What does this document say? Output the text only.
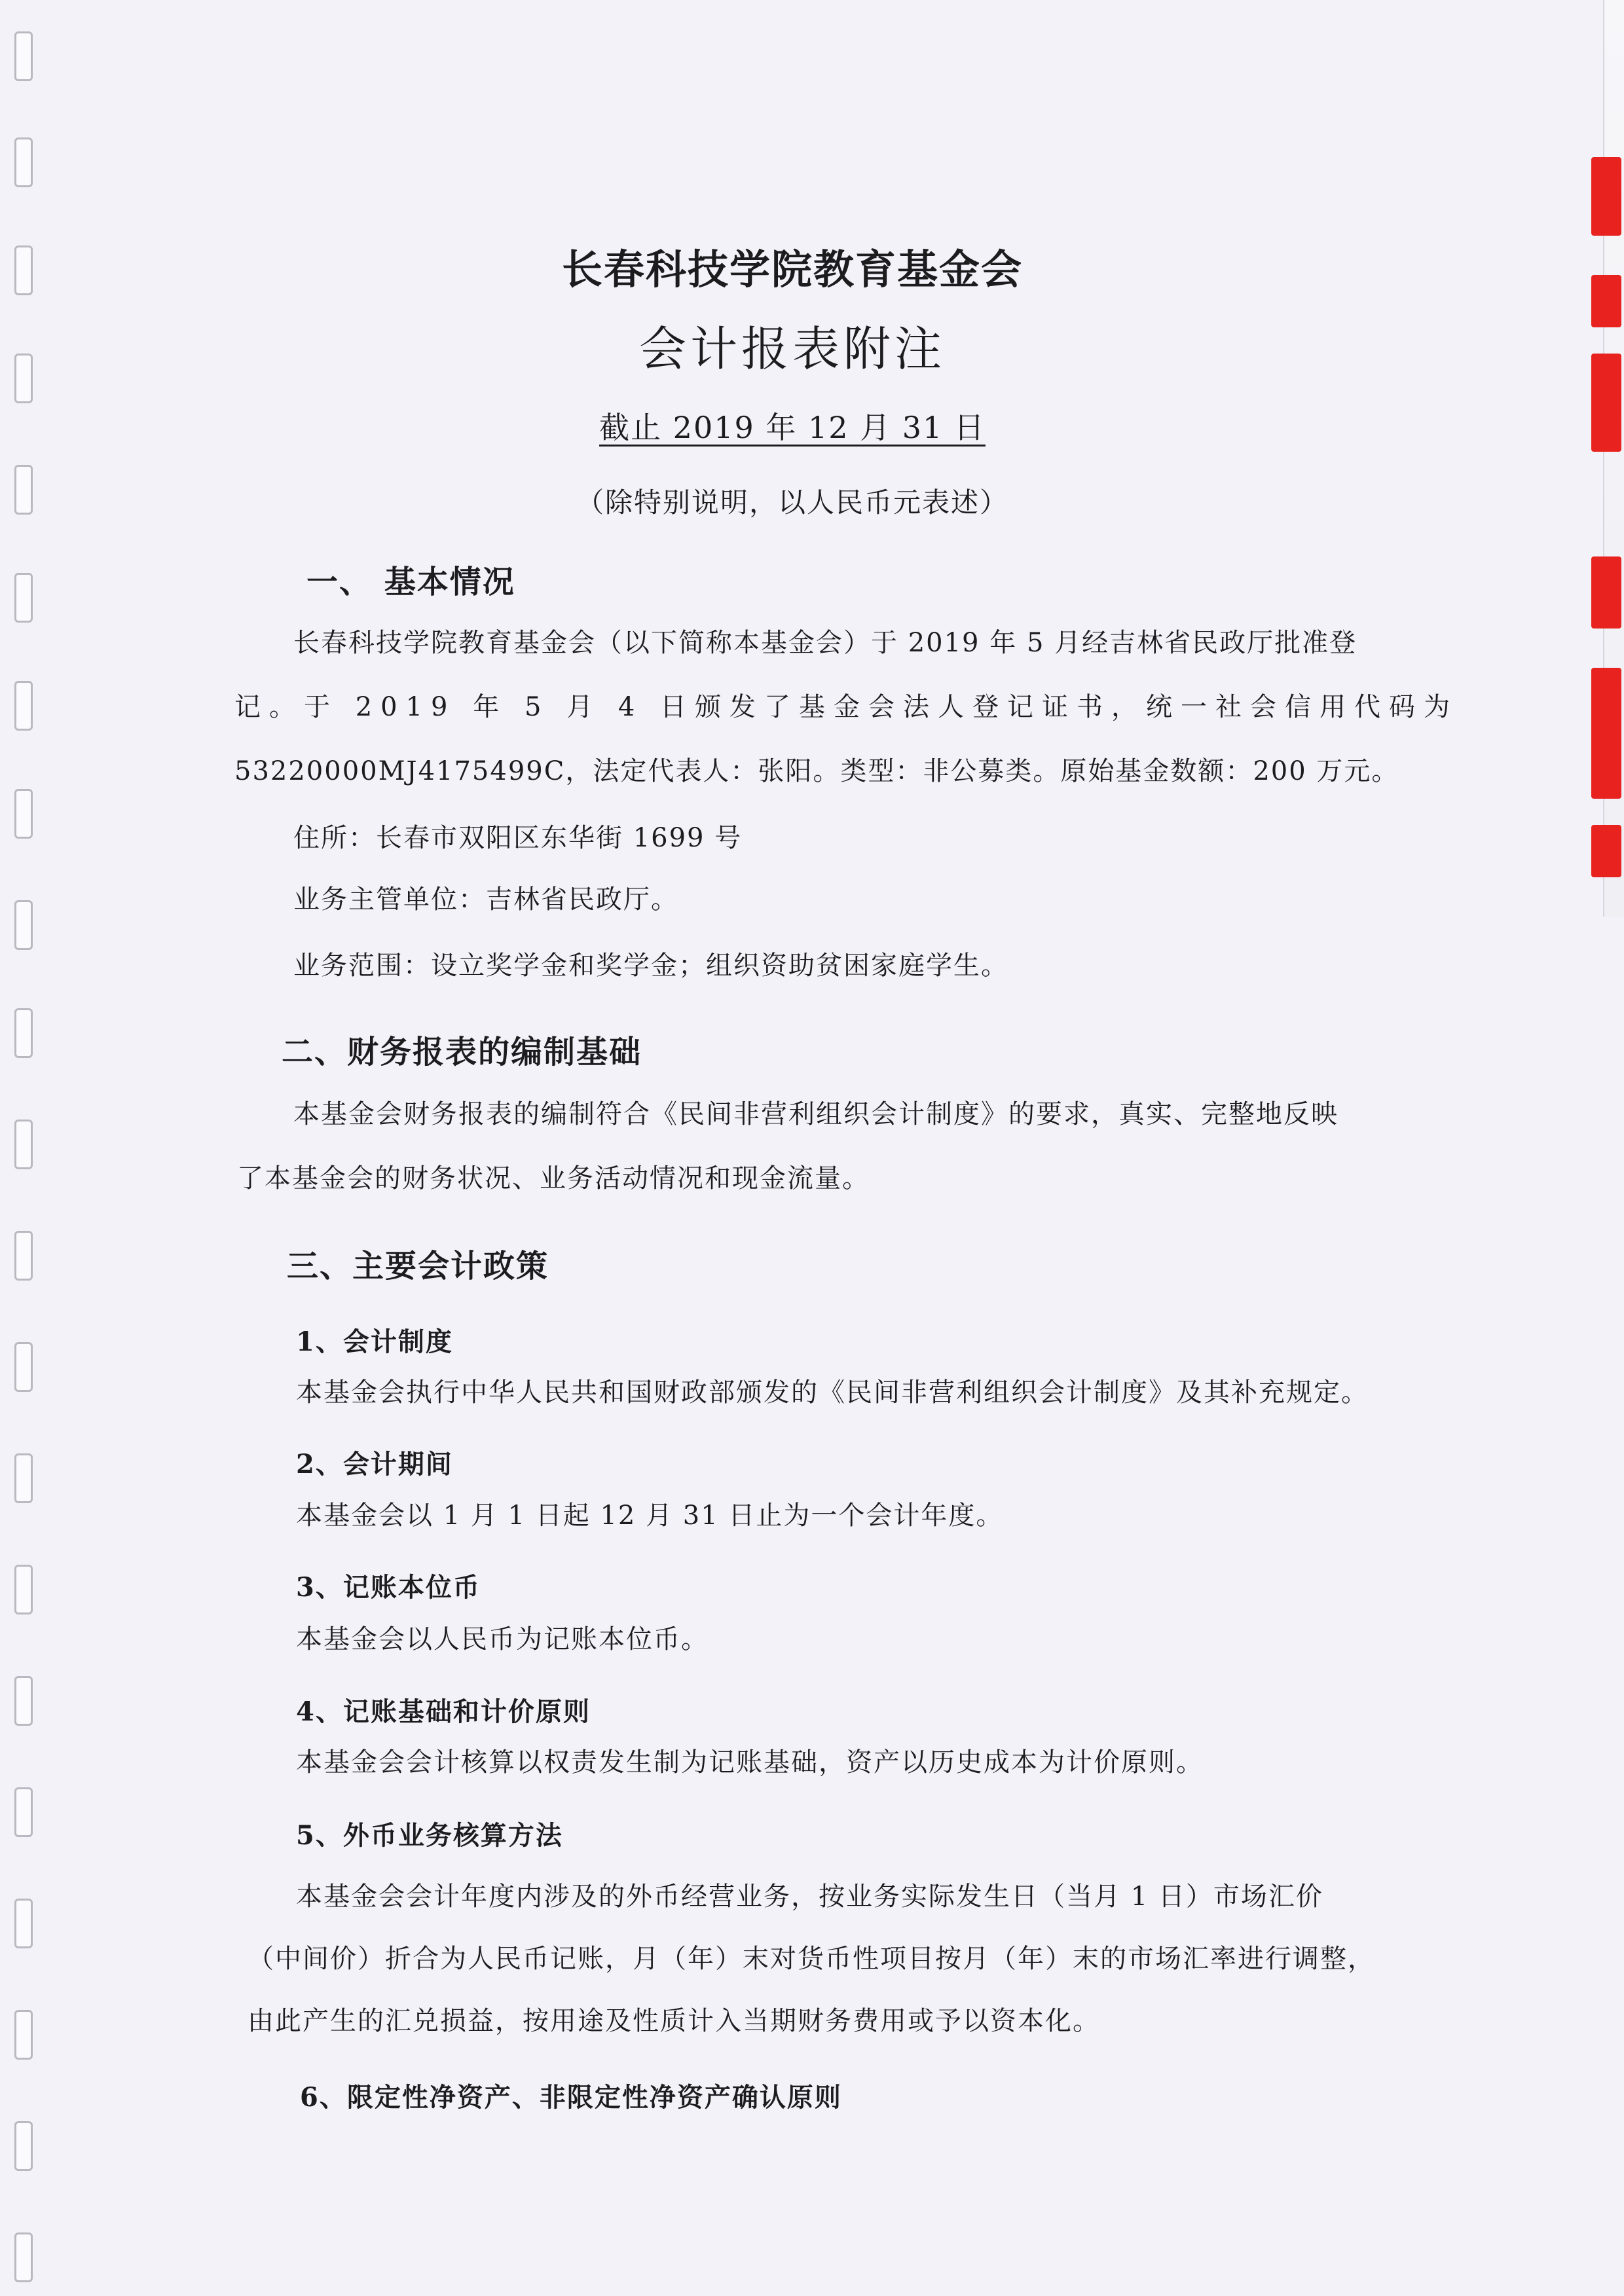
长春科技学院教育基金会
会计报表附注
截止 2019 年 12 月 31 日
（除特别说明，以人民币元表述）
一、 基本情况
长春科技学院教育基金会（以下简称本基金会）于 2019 年 5 月经吉林省民政厅批准登
记。于 2019 年 5 月 4 日颁发了基金会法人登记证书，统一社会信用代码为
53220000MJ4175499C，法定代表人：张阳。类型：非公募类。原始基金数额：200 万元。
住所：长春市双阳区东华街 1699 号
业务主管单位：吉林省民政厅。
业务范围：设立奖学金和奖学金；组织资助贫困家庭学生。
二、财务报表的编制基础
本基金会财务报表的编制符合《民间非营利组织会计制度》的要求，真实、完整地反映
了本基金会的财务状况、业务活动情况和现金流量。
三、主要会计政策
1、会计制度
本基金会执行中华人民共和国财政部颁发的《民间非营利组织会计制度》及其补充规定。
2、会计期间
本基金会以 1 月 1 日起 12 月 31 日止为一个会计年度。
3、记账本位币
本基金会以人民币为记账本位币。
4、记账基础和计价原则
本基金会会计核算以权责发生制为记账基础，资产以历史成本为计价原则。
5、外币业务核算方法
本基金会会计年度内涉及的外币经营业务，按业务实际发生日（当月 1 日）市场汇价
（中间价）折合为人民币记账，月（年）末对货币性项目按月（年）末的市场汇率进行调整，
由此产生的汇兑损益，按用途及性质计入当期财务费用或予以资本化。
6、限定性净资产、非限定性净资产确认原则
